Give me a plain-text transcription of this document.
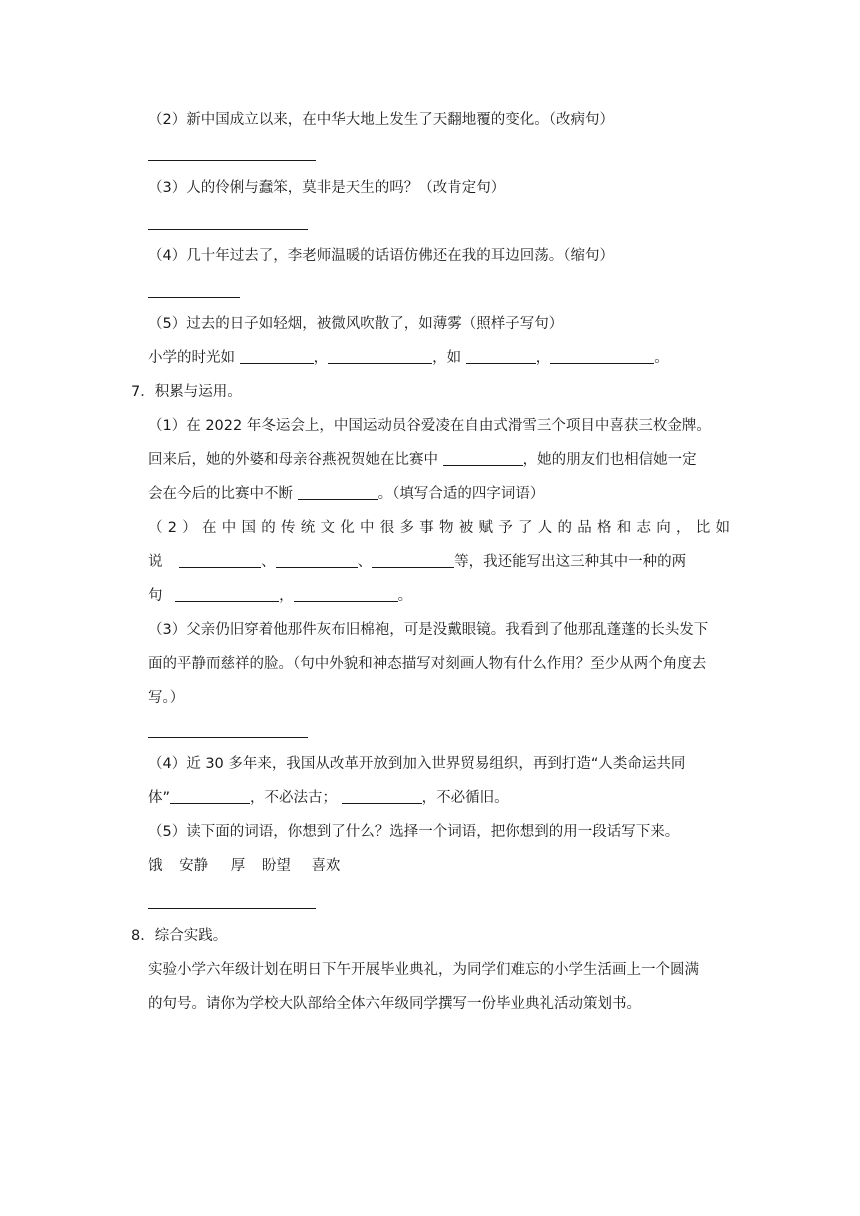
（2）新中国成立以来，在中华大地上发生了天翻地覆的变化。（改病句）
（3）人的伶俐与蠢笨，莫非是天生的吗？（改肯定句）
（4）几十年过去了，李老师温暖的话语仿佛还在我的耳边回荡。（缩句）
（5）过去的日子如轻烟，被微风吹散了，如薄雾（照样子写句）
小学的时光如	，	，如	，	。
7．积累与运用。
（1）在 2022 年冬运会上，中国运动员谷爱凌在自由式滑雪三个项目中喜获三枚金牌。
回来后，她的外婆和母亲谷燕祝贺她在比赛中	，她的朋友们也相信她一定
会在今后的比赛中不断	。（填写合适的四字词语）
（2）在中国的传统文化中很多事物被赋予了人的品格和志向，比如
说	、	、	等，我还能写出这三种其中一种的两
句	，	。
（3）父亲仍旧穿着他那件灰布旧棉袍，可是没戴眼镜。我看到了他那乱蓬蓬的长头发下
面的平静而慈祥的脸。（句中外貌和神态描写对刻画人物有什么作用？至少从两个角度去
写。）
（4）近 30 多年来，我国从改革开放到加入世界贸易组织，再到打造“人类命运共同
体”	，不必法古；	，不必循旧。
（5）读下面的词语，你想到了什么？选择一个词语，把你想到的用一段话写下来。
饿 安静 厚 盼望 喜欢
8．综合实践。
实验小学六年级计划在明日下午开展毕业典礼，为同学们难忘的小学生活画上一个圆满
的句号。请你为学校大队部给全体六年级同学撰写一份毕业典礼活动策划书。
